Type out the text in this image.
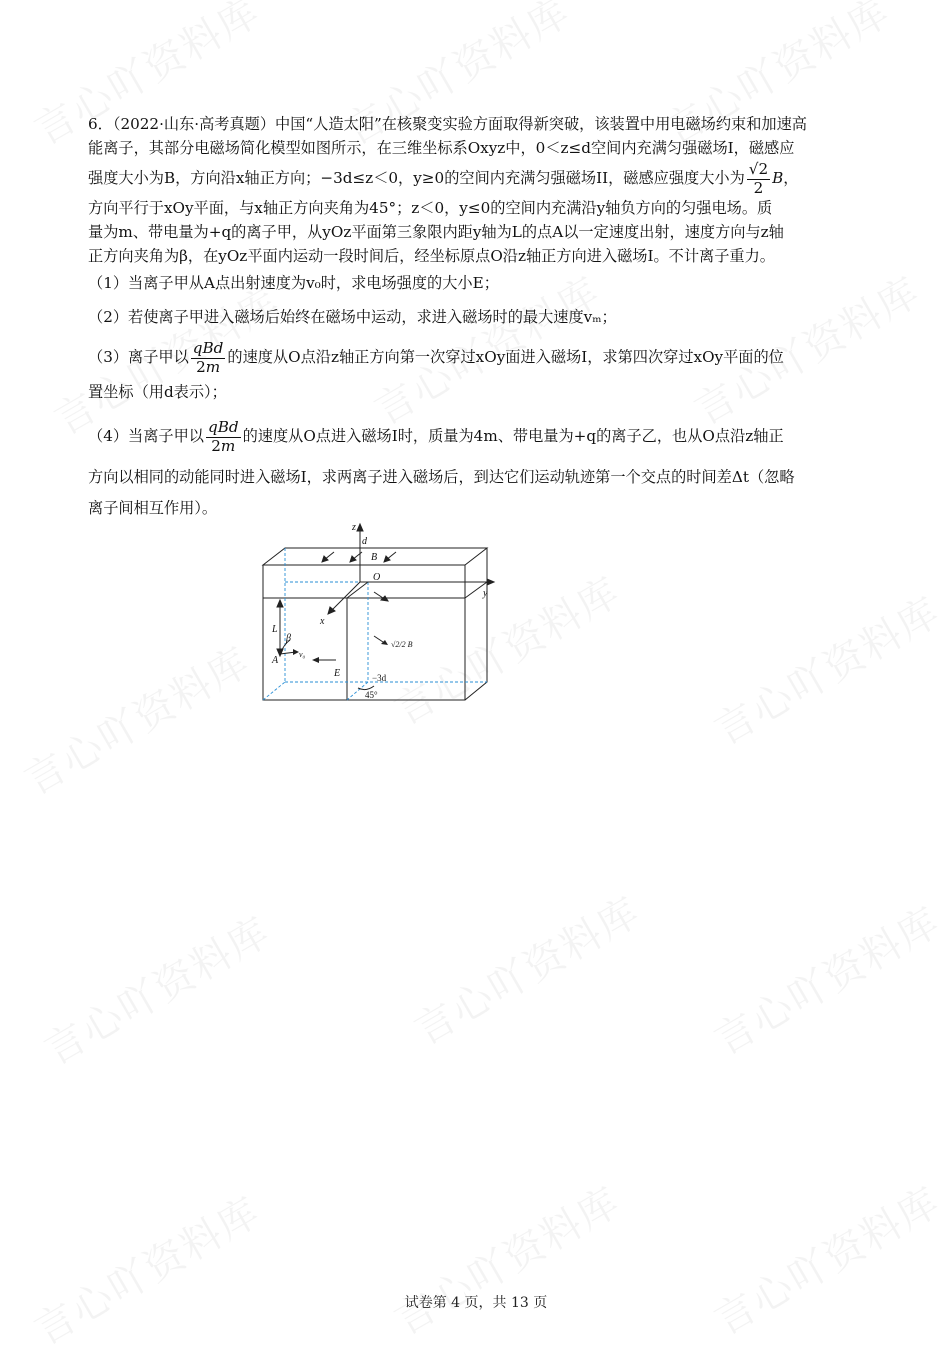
6．（2022·山东·高考真题）中国“人造太阳”在核聚变实验方面取得新突破，该装置中用电磁场约束和加速高
能离子，其部分电磁场简化模型如图所示，在三维坐标系Oxyz中，0＜z≤d空间内充满匀强磁场I，磁感应
强度大小为B，方向沿x轴正方向；−3d≤z＜0，y≥0的空间内充满匀强磁场II，磁感应强度大小为 $\frac{√2}{2}$ B，
方向平行于xOy平面，与x轴正方向夹角为45°；z＜0，y≤0的空间内充满沿y轴负方向的匀强电场。质
量为m、带电量为+q的离子甲，从yOz平面第三象限内距y轴为L的点A以一定速度出射，速度方向与z轴
正方向夹角为β，在yOz平面内运动一段时间后，经坐标原点O沿z轴正方向进入磁场I。不计离子重力。

（1）当离子甲从A点出射速度为v₀时，求电场强度的大小E；

（2）若使离子甲进入磁场后始终在磁场中运动，求进入磁场时的最大速度vₘ；

（3）离子甲以 $\frac{\text{qBd}}{2m}$ 的速度从O点沿z轴正方向第一次穿过xOy面进入磁场I，求第四次穿过xOy平面的位

置坐标（用d表示）；

（4）当离子甲以 $\frac{\text{qBd}}{2m}$ 的速度从O点进入磁场I时，质量为4m、带电量为+q的离子乙，也从O点沿z轴正

方向以相同的动能同时进入磁场I，求两离子进入磁场后，到达它们运动轨迹第一个交点的时间差Δt（忽略

离子间相互作用）。

z
d
B
O
y
x
L
β
A
v₀
E
√2/2 B
−3d
45°
试卷第 4 页，共 13 页
